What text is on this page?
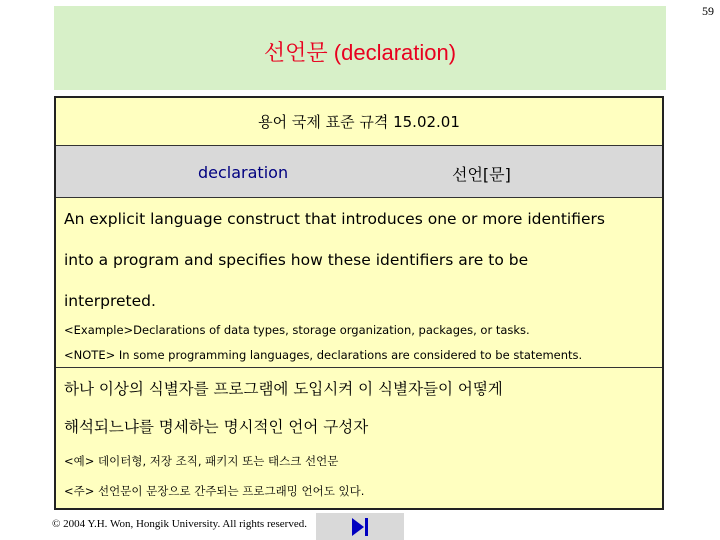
59
선언문 (declaration)
용어 국제 표준 규격 15.02.01
declaration	선언[문]
An explicit language construct that introduces one or more identifiers
into a program and specifies how these identifiers are to be
interpreted.
<Example>Declarations of data types, storage organization, packages, or tasks.
<NOTE> In some programming languages, declarations are considered to be statements.
하나 이상의 식별자를 프로그램에 도입시켜 이 식별자들이 어떻게
해석되느냐를 명세하는 명시적인 언어 구성자
<예> 데이터형, 저장 조직, 패키지 또는 태스크 선언문
<주> 선언문이 문장으로 간주되는 프로그래밍 언어도 있다.
© 2004 Y.H. Won, Hongik University. All rights reserved.
